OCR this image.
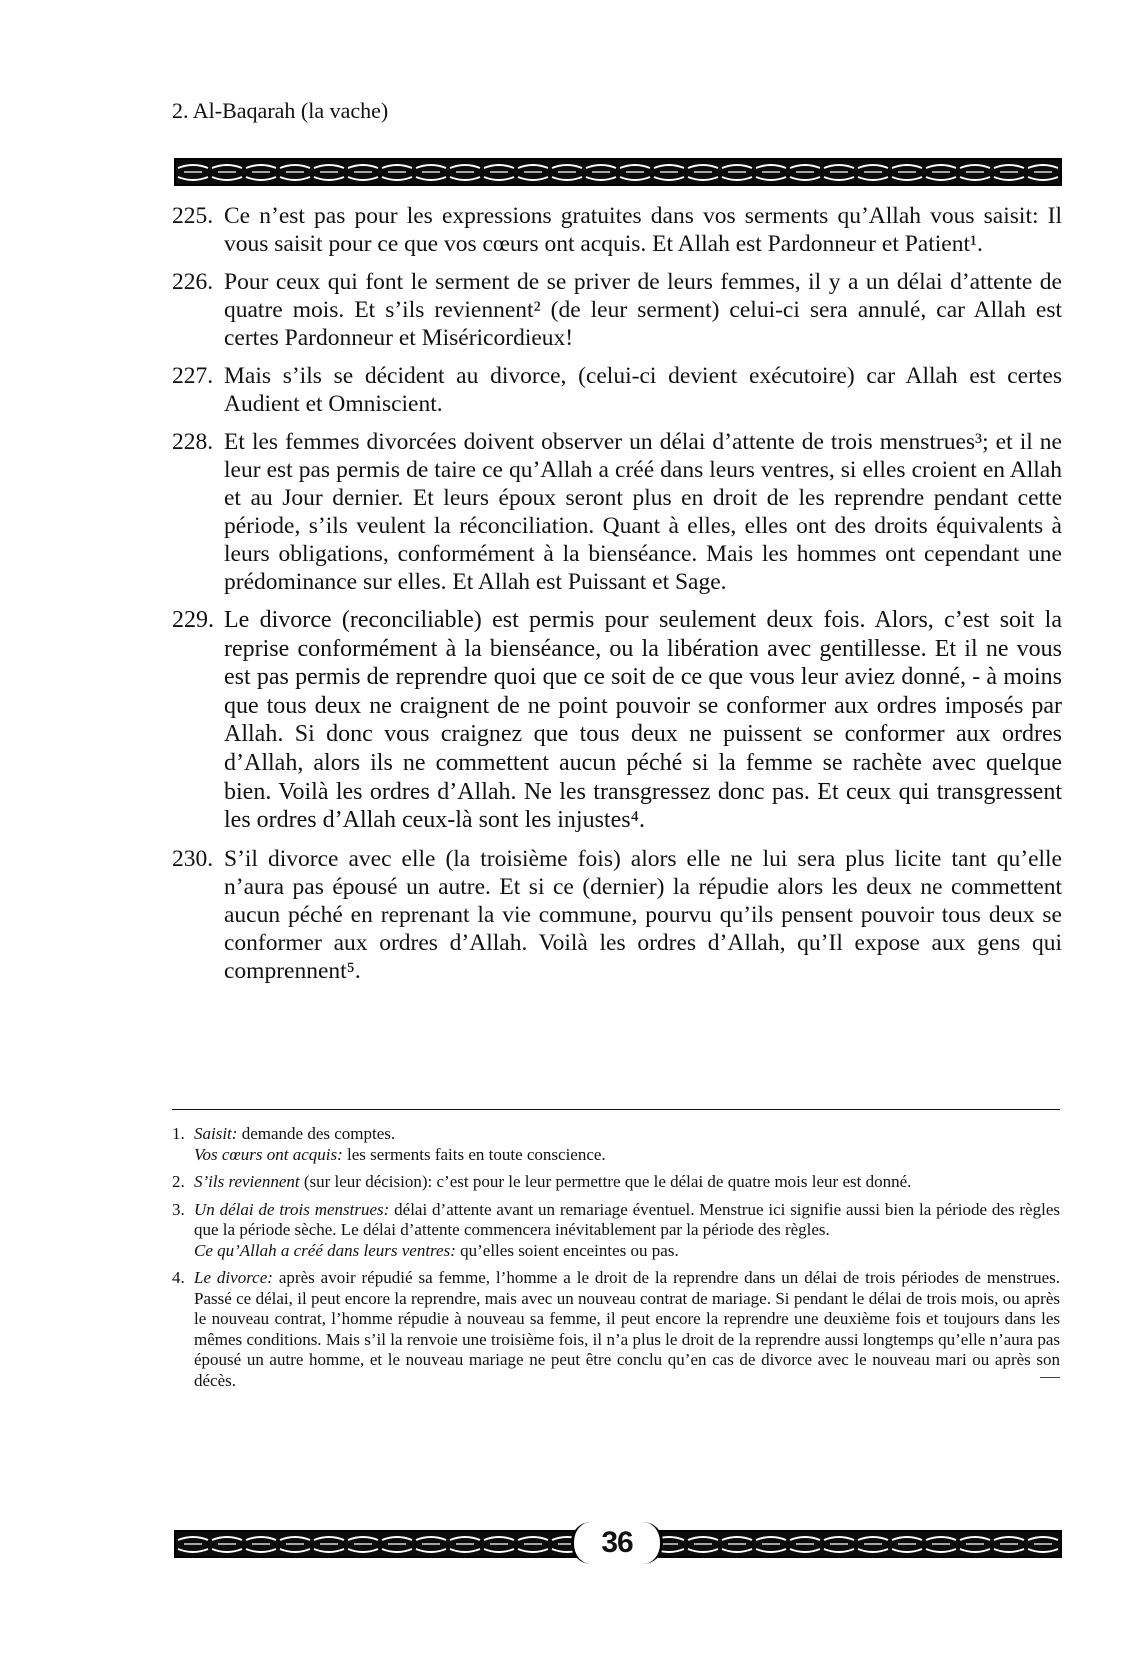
2. Al-Baqarah (la vache)
225. Ce n’est pas pour les expressions gratuites dans vos serments qu’Allah vous saisit: Il vous saisit pour ce que vos cœurs ont acquis. Et Allah est Pardonneur et Patient¹.
226. Pour ceux qui font le serment de se priver de leurs femmes, il y a un délai d’attente de quatre mois. Et s’ils reviennent² (de leur serment) celui-ci sera annulé, car Allah est certes Pardonneur et Miséricordieux!
227. Mais s’ils se décident au divorce, (celui-ci devient exécutoire) car Allah est certes Audient et Omniscient.
228. Et les femmes divorcées doivent observer un délai d’attente de trois menstrues³; et il ne leur est pas permis de taire ce qu’Allah a créé dans leurs ventres, si elles croient en Allah et au Jour dernier. Et leurs époux seront plus en droit de les reprendre pendant cette période, s’ils veulent la réconciliation. Quant à elles, elles ont des droits équivalents à leurs obligations, conformément à la bienséance. Mais les hommes ont cependant une prédominance sur elles. Et Allah est Puissant et Sage.
229. Le divorce (reconciliable) est permis pour seulement deux fois. Alors, c’est soit la reprise conformément à la bienséance, ou la libération avec gentillesse. Et il ne vous est pas permis de reprendre quoi que ce soit de ce que vous leur aviez donné, - à moins que tous deux ne craignent de ne point pouvoir se conformer aux ordres imposés par Allah. Si donc vous craignez que tous deux ne puissent se conformer aux ordres d’Allah, alors ils ne commettent aucun péché si la femme se rachète avec quelque bien. Voilà les ordres d’Allah. Ne les transgressez donc pas. Et ceux qui transgressent les ordres d’Allah ceux-là sont les injustes⁴.
230. S’il divorce avec elle (la troisième fois) alors elle ne lui sera plus licite tant qu’elle n’aura pas épousé un autre. Et si ce (dernier) la répudie alors les deux ne commettent aucun péché en reprenant la vie commune, pourvu qu’ils pensent pouvoir tous deux se conformer aux ordres d’Allah. Voilà les ordres d’Allah, qu’Il expose aux gens qui comprennent⁵.
1. Saisit: demande des comptes.

Vos cœurs ont acquis: les serments faits en toute conscience.

2. S’ils reviennent (sur leur décision): c’est pour le leur permettre que le délai de quatre mois leur est donné.

3. Un délai de trois menstrues: délai d’attente avant un remariage éventuel. Menstrue ici signifie aussi bien la période des règles que la période sèche. Le délai d’attente commencera inévitablement par la période des règles.

Ce qu’Allah a créé dans leurs ventres: qu’elles soient enceintes ou pas.

4. Le divorce: après avoir répudié sa femme, l’homme a le droit de la reprendre dans un délai de trois périodes de menstrues. Passé ce délai, il peut encore la reprendre, mais avec un nouveau contrat de mariage. Si pendant le délai de trois mois, ou après le nouveau contrat, l’homme répudie à nouveau sa femme, il peut encore la reprendre une deuxième fois et toujours dans les mêmes conditions. Mais s’il la renvoie une troisième fois, il n’a plus le droit de la reprendre aussi longtemps qu’elle n’aura pas épousé un autre homme, et le nouveau mariage ne peut être conclu qu’en cas de divorce avec le nouveau mari ou après son décès.

36
